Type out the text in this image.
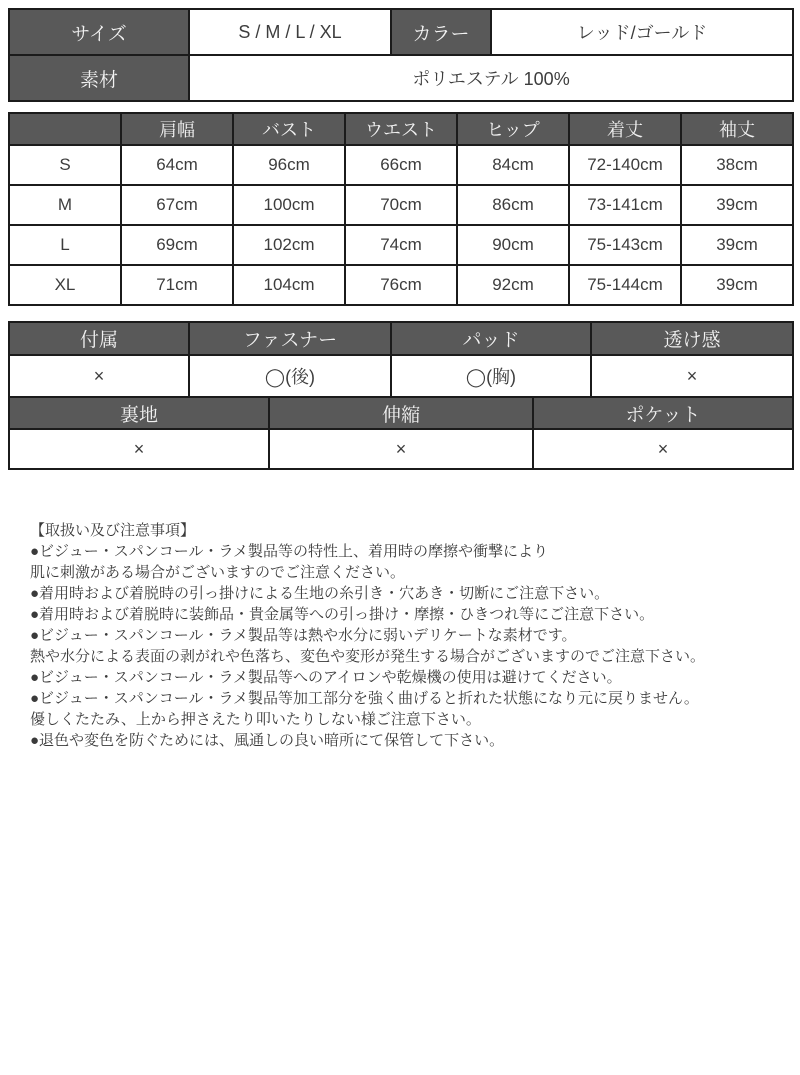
サイズ	S / M / L / XL	カラー	レッド/ゴールド
素材	ポリエステル 100%		
	肩幅	バスト	ウエスト	ヒップ	着丈	袖丈
S	64cm	96cm	66cm	84cm	72-140cm	38cm
M	67cm	100cm	70cm	86cm	73-141cm	39cm
L	69cm	102cm	74cm	90cm	75-143cm	39cm
XL	71cm	104cm	76cm	92cm	75-144cm	39cm
付属	ファスナー	パッド	透け感
×	◯(後)	◯(胸)	×
裏地	伸縮	ポケット
×	×	×
【取扱い及び注意事項】
●ビジュー・スパンコール・ラメ製品等の特性上、着用時の摩擦や衝撃により
肌に刺激がある場合がございますのでご注意ください。
●着用時および着脱時の引っ掛けによる生地の糸引き・穴あき・切断にご注意下さい。
●着用時および着脱時に装飾品・貴金属等への引っ掛け・摩擦・ひきつれ等にご注意下さい。
●ビジュー・スパンコール・ラメ製品等は熱や水分に弱いデリケートな素材です。
熱や水分による表面の剥がれや色落ち、変色や変形が発生する場合がございますのでご注意下さい。
●ビジュー・スパンコール・ラメ製品等へのアイロンや乾燥機の使用は避けてください。
●ビジュー・スパンコール・ラメ製品等加工部分を強く曲げると折れた状態になり元に戻りません。
優しくたたみ、上から押さえたり叩いたりしない様ご注意下さい。
●退色や変色を防ぐためには、風通しの良い暗所にて保管して下さい。
